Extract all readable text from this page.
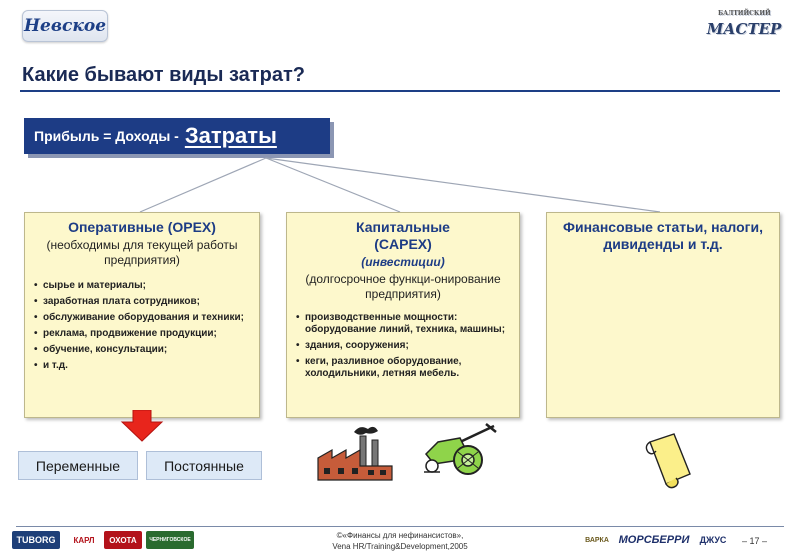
Невское
БАЛТИЙСКИЙ
МАСТЕР
Какие бывают виды затрат?
Прибыль = Доходы - Затраты
Оперативные (OPEX)
(необходимы для текущей работы предприятия)
• сырье и материалы;
• заработная плата сотрудников;
• обслуживание оборудования и техники;
• реклама, продвижение продукции;
• обучение, консультации;
• и т.д.
Капитальные (CAPEX)
(инвестиции)
(долгосрочное функци-онирование предприятия)
• производственные мощности: оборудование линий, техника, машины;
• здания, сооружения;
• кеги, разливное оборудование, холодильники, летняя мебель.
Финансовые статьи, налоги, дивиденды и т.д.
Переменные	Постоянные
TUBORG КАРЛ ОХОТА	ЧЕРНИГОВСКОЕ	©«Финансы для нефинансистов»,
Vena HR/Training&Development,2005
ВАРКА МОРСБЕРРИ ДЖУС – 17 –
